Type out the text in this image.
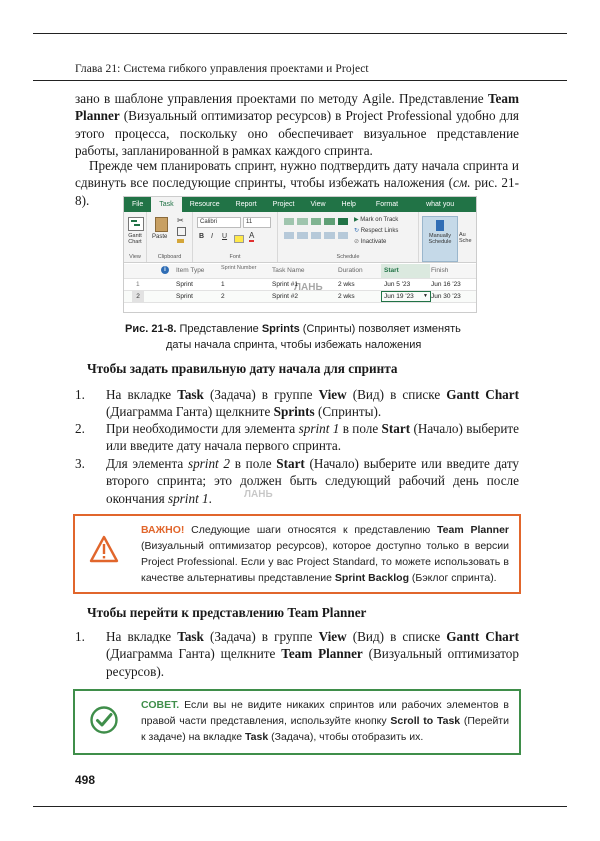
Глава 21: Система гибкого управления проектами и Project
зано в шаблоне управления проектами по методу Agile. Представление Team Planner (Визуальный оптимизатор ресурсов) в Project Professional удобно для этого процесса, поскольку оно обеспечивает визуальное представление работы, запланированной в рамках каждого спринта.
Прежде чем планировать спринт, нужно подтвердить дату начала спринта и сдвинуть все последующие спринты, чтобы избежать наложения (см. рис. 21-8).	File	Task	Resource	Report	Project	View	Help	Format	what you
Gantt Chart
View
Paste
✂
Clipboard
Calibri	11
B I U	A
Font
▶ Mark on Track
↻ Respect Links
⊘ Inactivate
Schedule
Manually
Schedule
Au
Sche
i	Item Type	Sprint Number	Task Name	Duration	Start	Finish
1	Sprint	1	Sprint #1	2 wks	Jun 5 '23	Jun 16 '23
2	Sprint	2	Sprint #2	2 wks	Jun 19 '23 ▼ Jun 30 '23
Рис. 21-8. Представление Sprints (Спринты) позволяет изменять
даты начала спринта, чтобы избежать наложения
Чтобы задать правильную дату начала для спринта
1. На вкладке Task (Задача) в группе View (Вид) в списке Gantt Chart (Диаграмма Ганта) щелкните Sprints (Спринты).
2. При необходимости для элемента sprint 1 в поле Start (Начало) выберите или введите дату начала первого спринта.
3. Для элемента sprint 2 в поле Start (Начало) выберите или введите дату второго спринта; это должен быть следующий рабочий день после окончания sprint 1.
ВАЖНО! Следующие шаги относятся к представлению Team Planner (Визуальный оптимизатор ресурсов), которое доступно только в версии Project Professional. Если у вас Project Standard, то можете использовать в качестве альтернативы представление Sprint Backlog (Бэклог спринта).
Чтобы перейти к представлению Team Planner
1. На вкладке Task (Задача) в группе View (Вид) в списке Gantt Chart (Диаграмма Ганта) щелкните Team Planner (Визуальный оптимизатор ресурсов).
СОВЕТ. Если вы не видите никаких спринтов или рабочих элементов в правой части представления, используйте кнопку Scroll to Task (Перейти к задаче) на вкладке Task (Задача), чтобы отобразить их.
ЛАНЬ
ЛАНЬ
498
